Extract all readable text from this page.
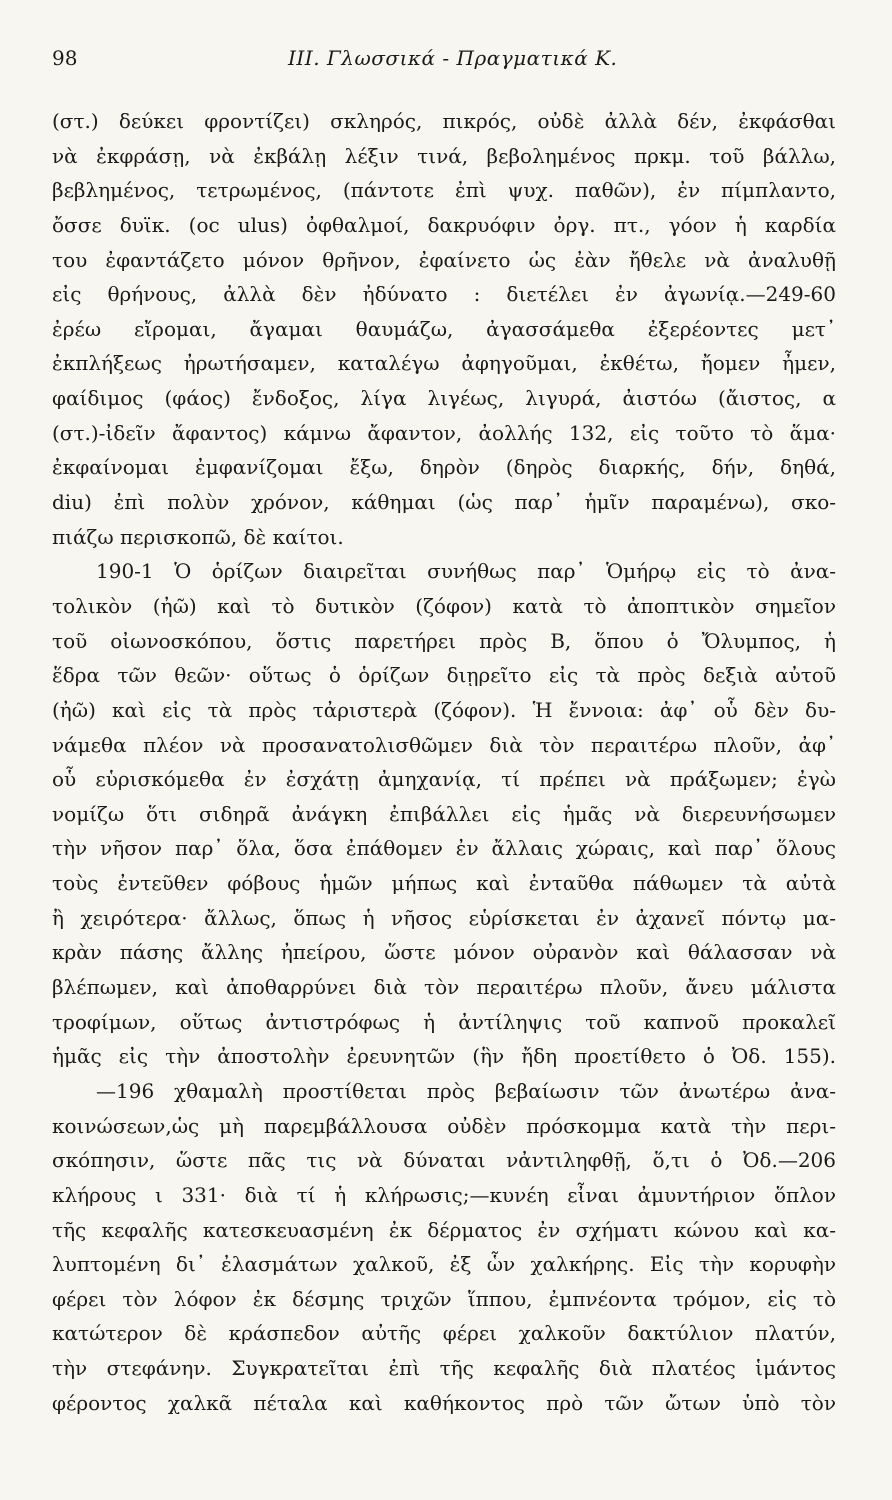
98	III. Γλωσσικά - Πραγματικά Κ.
(στ.) δεύκει φροντίζει) σκληρός, πικρός, οὐδὲ ἀλλὰ δέν, ἐκφάσθαι
νὰ ἐκφράσῃ, νὰ ἐκβάλῃ λέξιν τινά, βεβολημένος πρκμ. τοῦ βάλλω,
βεβλημένος, τετρωμένος, (πάντοτε ἐπὶ ψυχ. παθῶν), ἐν πίμπλαντο,
ὄσσε δυϊκ. (oc ulus) ὀφθαλμοί, δακρυόφιν ὀργ. πτ., γόον ἡ καρδία
του ἐφαντάζετο μόνον θρῆνον, ἐφαίνετο ὡς ἐὰν ἤθελε νὰ ἀναλυθῇ
εἰς θρήνους, ἀλλὰ δὲν ἠδύνατο : διετέλει ἐν ἀγωνίᾳ.—249-60
ἐρέω εἴρομαι, ἄγαμαι θαυμάζω, ἀγασσάμεθα ἐξερέοντες μετ᾽
ἐκπλήξεως ἠρωτήσαμεν, καταλέγω ἀφηγοῦμαι, ἐκθέτω, ἤομεν ἦμεν,
φαίδιμος (φάος) ἔνδοξος, λίγα λιγέως, λιγυρά, ἀιστόω (ἄιστος, α
(στ.)-ἰδεῖν ἄφαντος) κάμνω ἄφαντον, ἀολλής 132, εἰς τοῦτο τὸ ἅμα·
ἐκφαίνομαι ἐμφανίζομαι ἔξω, δηρὸν (δηρὸς διαρκής, δήν, δηθά,
diu) ἐπὶ πολὺν χρόνον, κάθημαι (ὡς παρ᾽ ἡμῖν παραμένω), σκο-
πιάζω περισκοπῶ, δὲ καίτοι.
190-1 Ὁ ὁρίζων διαιρεῖται συνήθως παρ᾽ Ὁμήρῳ εἰς τὸ ἀνα-
τολικὸν (ἠῶ) καὶ τὸ δυτικὸν (ζόφον) κατὰ τὸ ἀποπτικὸν σημεῖον
τοῦ οἰωνοσκόπου, ὅστις παρετήρει πρὸς Β, ὅπου ὁ Ὄλυμπος, ἡ
ἕδρα τῶν θεῶν· οὕτως ὁ ὁρίζων διῃρεῖτο εἰς τὰ πρὸς δεξιὰ αὐτοῦ
(ἠῶ) καὶ εἰς τὰ πρὸς τἀριστερὰ (ζόφον). Ἡ ἔννοια: ἀφ᾽ οὗ δὲν δυ-
νάμεθα πλέον νὰ προσανατολισθῶμεν διὰ τὸν περαιτέρω πλοῦν, ἀφ᾽
οὗ εὑρισκόμεθα ἐν ἐσχάτῃ ἀμηχανίᾳ, τί πρέπει νὰ πράξωμεν; ἐγὼ
νομίζω ὅτι σιδηρᾶ ἀνάγκη ἐπιβάλλει εἰς ἡμᾶς νὰ διερευνήσωμεν
τὴν νῆσον παρ᾽ ὅλα, ὅσα ἐπάθομεν ἐν ἄλλαις χώραις, καὶ παρ᾽ ὅλους
τοὺς ἐντεῦθεν φόβους ἡμῶν μήπως καὶ ἐνταῦθα πάθωμεν τὰ αὐτὰ
ἢ χειρότερα· ἄλλως, ὅπως ἡ νῆσος εὑρίσκεται ἐν ἀχανεῖ πόντῳ μα-
κρὰν πάσης ἄλλης ἠπείρου, ὥστε μόνον οὐρανὸν καὶ θάλασσαν νὰ
βλέπωμεν, καὶ ἀποθαρρύνει διὰ τὸν περαιτέρω πλοῦν, ἄνευ μάλιστα
τροφίμων, οὕτως ἀντιστρόφως ἡ ἀντίληψις τοῦ καπνοῦ προκαλεῖ
ἡμᾶς εἰς τὴν ἀποστολὴν ἐρευνητῶν (ἣν ἤδη προετίθετο ὁ Ὀδ. 155).
—196 χθαμαλὴ προστίθεται πρὸς βεβαίωσιν τῶν ἀνωτέρω ἀνα-
κοινώσεων,ὡς μὴ παρεμβάλλουσα οὐδὲν πρόσκομμα κατὰ τὴν περι-
σκόπησιν, ὥστε πᾶς τις νὰ δύναται νἀντιληφθῇ, ὅ,τι ὁ Ὀδ.—206
κλήρους ι 331· διὰ τί ἡ κλήρωσις;—κυνέη εἶναι ἀμυντήριον ὅπλον
τῆς κεφαλῆς κατεσκευασμένη ἐκ δέρματος ἐν σχήματι κώνου καὶ κα-
λυπτομένη δι᾽ ἐλασμάτων χαλκοῦ, ἐξ ὧν χαλκήρης. Εἰς τὴν κορυφὴν
φέρει τὸν λόφον ἐκ δέσμης τριχῶν ἵππου, ἐμπνέοντα τρόμον, εἰς τὸ
κατώτερον δὲ κράσπεδον αὐτῆς φέρει χαλκοῦν δακτύλιον πλατύν,
τὴν στεφάνην. Συγκρατεῖται ἐπὶ τῆς κεφαλῆς διὰ πλατέος ἱμάντος
φέροντος χαλκᾶ πέταλα καὶ καθήκοντος πρὸ τῶν ὤτων ὑπὸ τὸν
